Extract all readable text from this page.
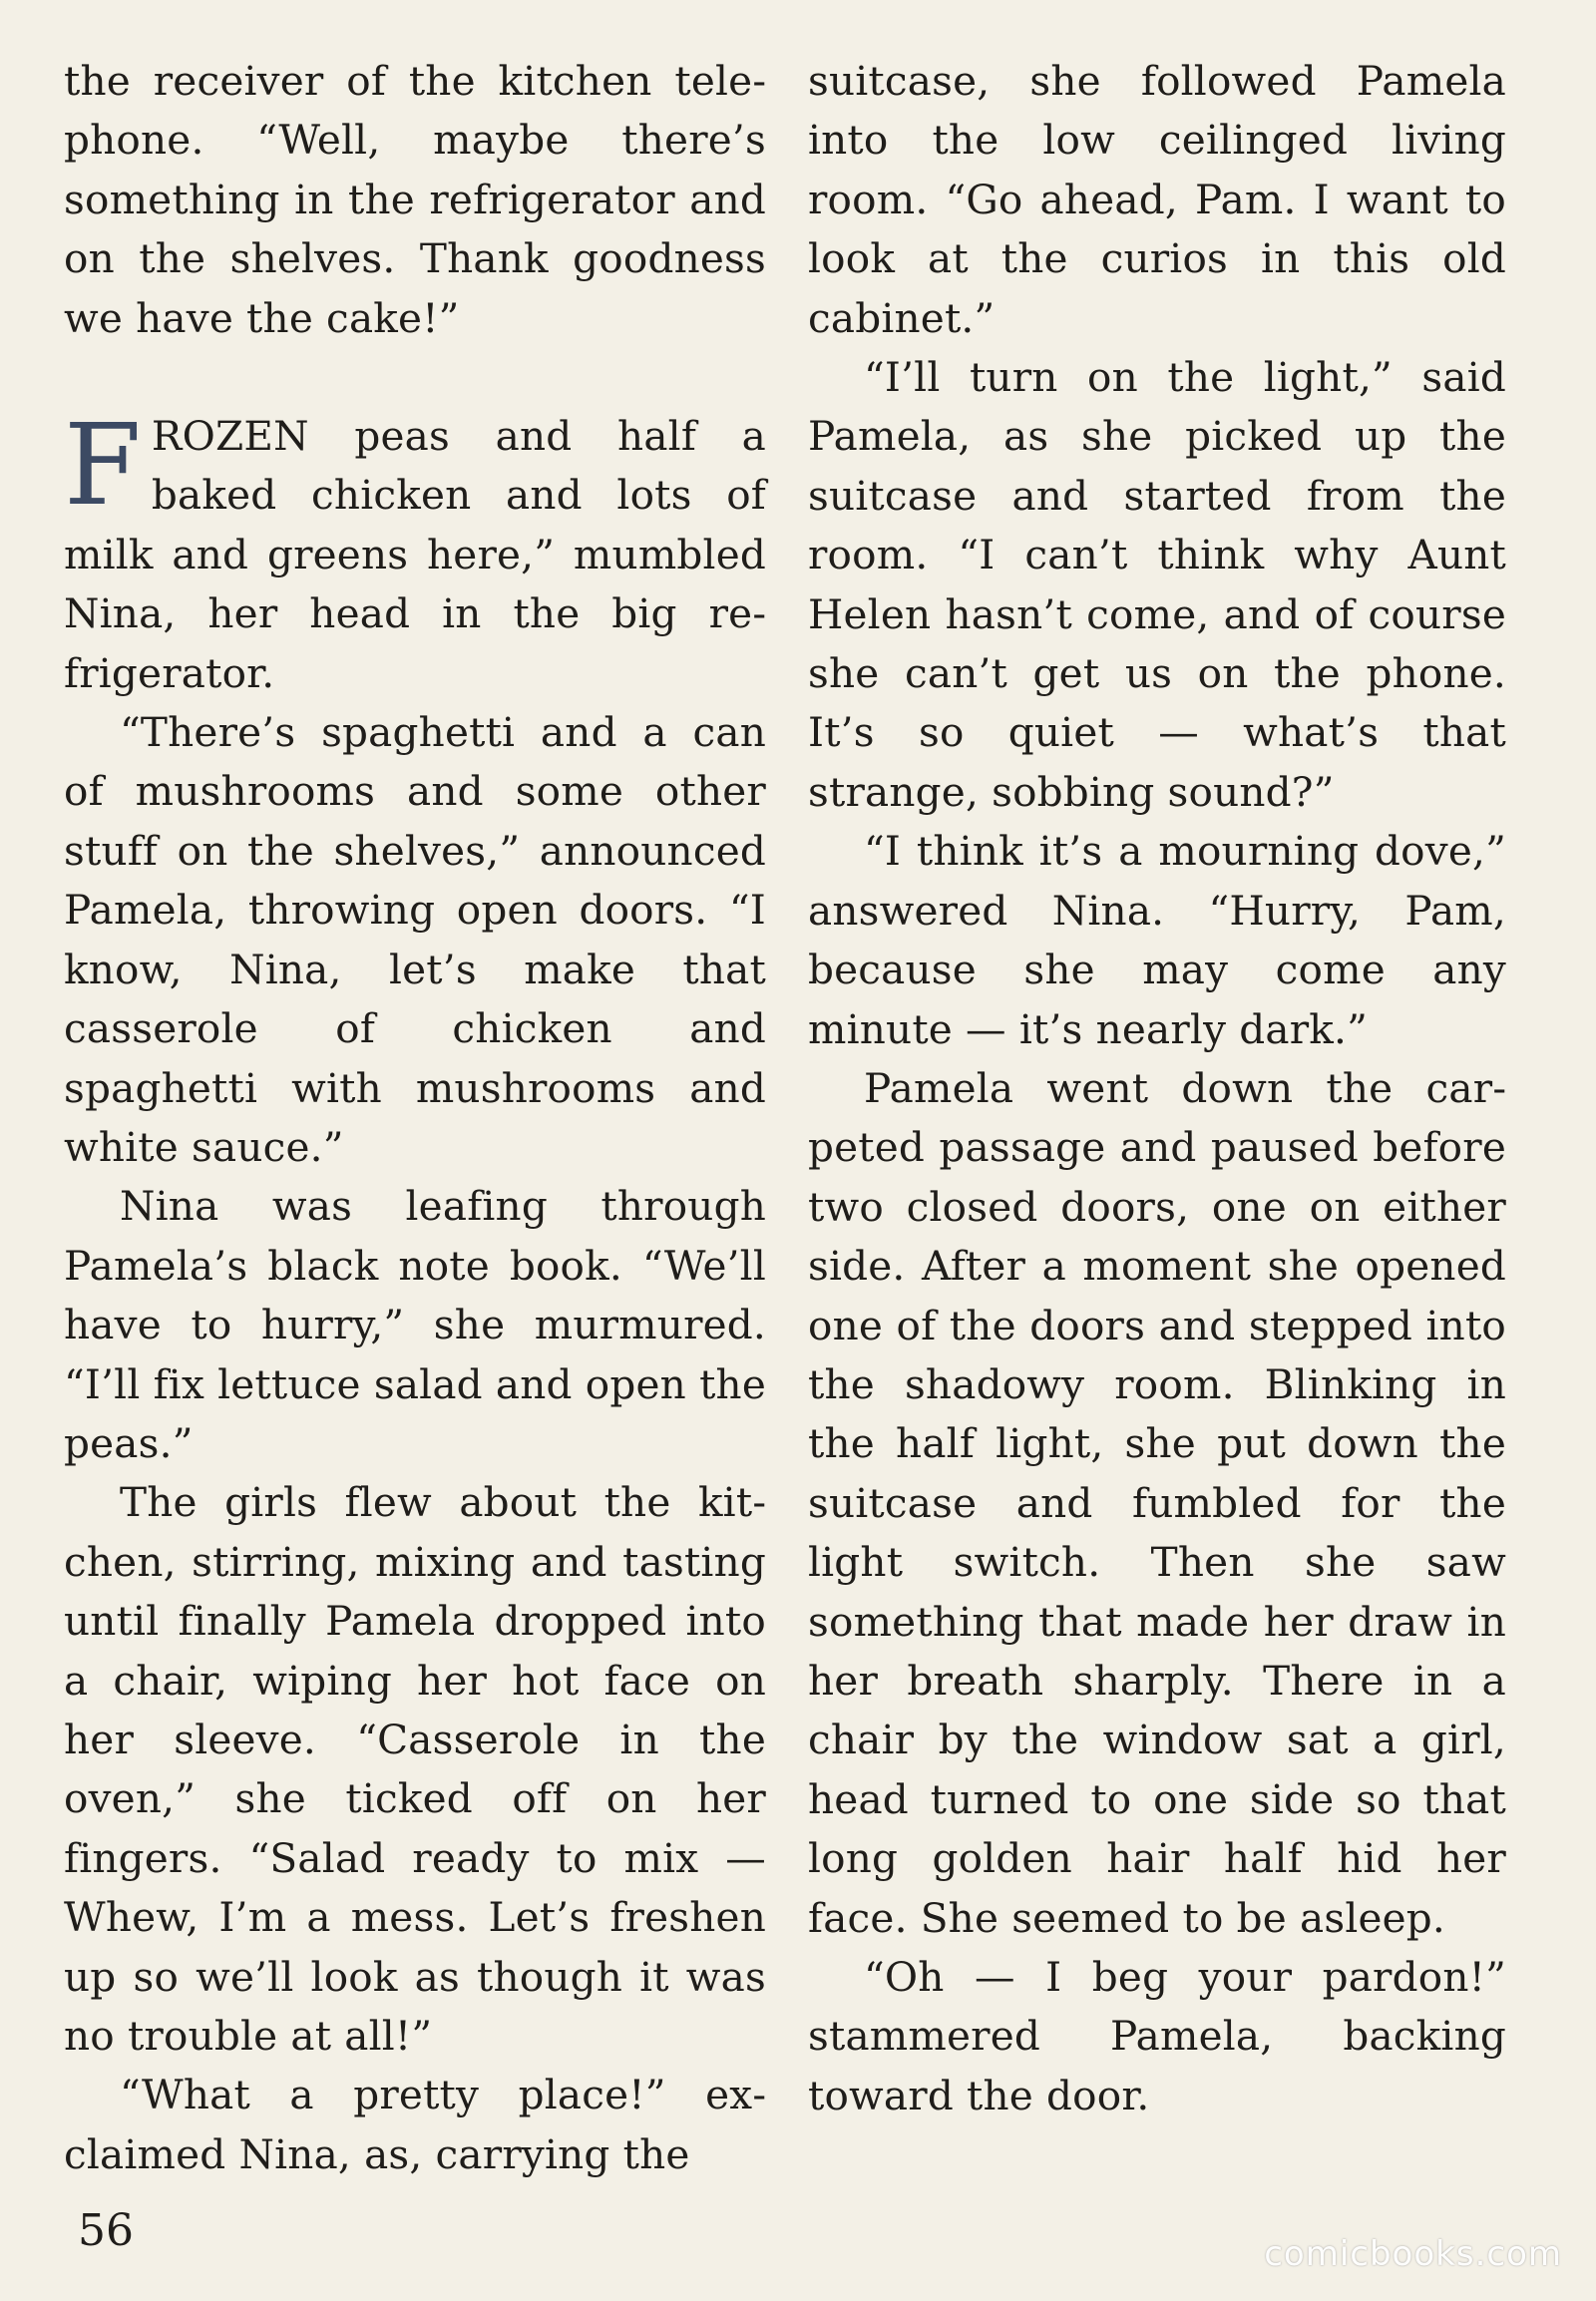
the receiver of the kitchen telephone. “Well, maybe there’s something in the refrigerator and on the shelves. Thank goodness we have the cake!”

FROZEN peas and half a baked chicken and lots of milk and greens here,” mumbled Nina, her head in the big refrigerator.

“There’s spaghetti and a can of mushrooms and some other stuff on the shelves,” announced Pamela, throwing open doors. “I know, Nina, let’s make that casserole of chicken and spaghetti with mushrooms and white sauce.”

Nina was leafing through Pamela’s black note book. “We’ll have to hurry,” she murmured. “I’ll fix lettuce salad and open the peas.”

The girls flew about the kitchen, stirring, mixing and tasting until finally Pamela dropped into a chair, wiping her hot face on her sleeve. “Casserole in the oven,” she ticked off on her fingers. “Salad ready to mix — Whew, I’m a mess. Let’s freshen up so we’ll look as though it was no trouble at all!”

“What a pretty place!” exclaimed Nina, as, carrying the

suitcase, she followed Pamela into the low ceilinged living room. “Go ahead, Pam. I want to look at the curios in this old cabinet.”

“I’ll turn on the light,” said Pamela, as she picked up the suitcase and started from the room. “I can’t think why Aunt Helen hasn’t come, and of course she can’t get us on the phone. It’s so quiet — what’s that strange, sobbing sound?”

“I think it’s a mourning dove,” answered Nina. “Hurry, Pam, because she may come any minute — it’s nearly dark.”

Pamela went down the carpeted passage and paused before two closed doors, one on either side. After a moment she opened one of the doors and stepped into the shadowy room. Blinking in the half light, she put down the suitcase and fumbled for the light switch. Then she saw something that made her draw in her breath sharply. There in a chair by the window sat a girl, head turned to one side so that long golden hair half hid her face. She seemed to be asleep.

“Oh — I beg your pardon!” stammered Pamela, backing toward the door.

56	comicbooks.com
